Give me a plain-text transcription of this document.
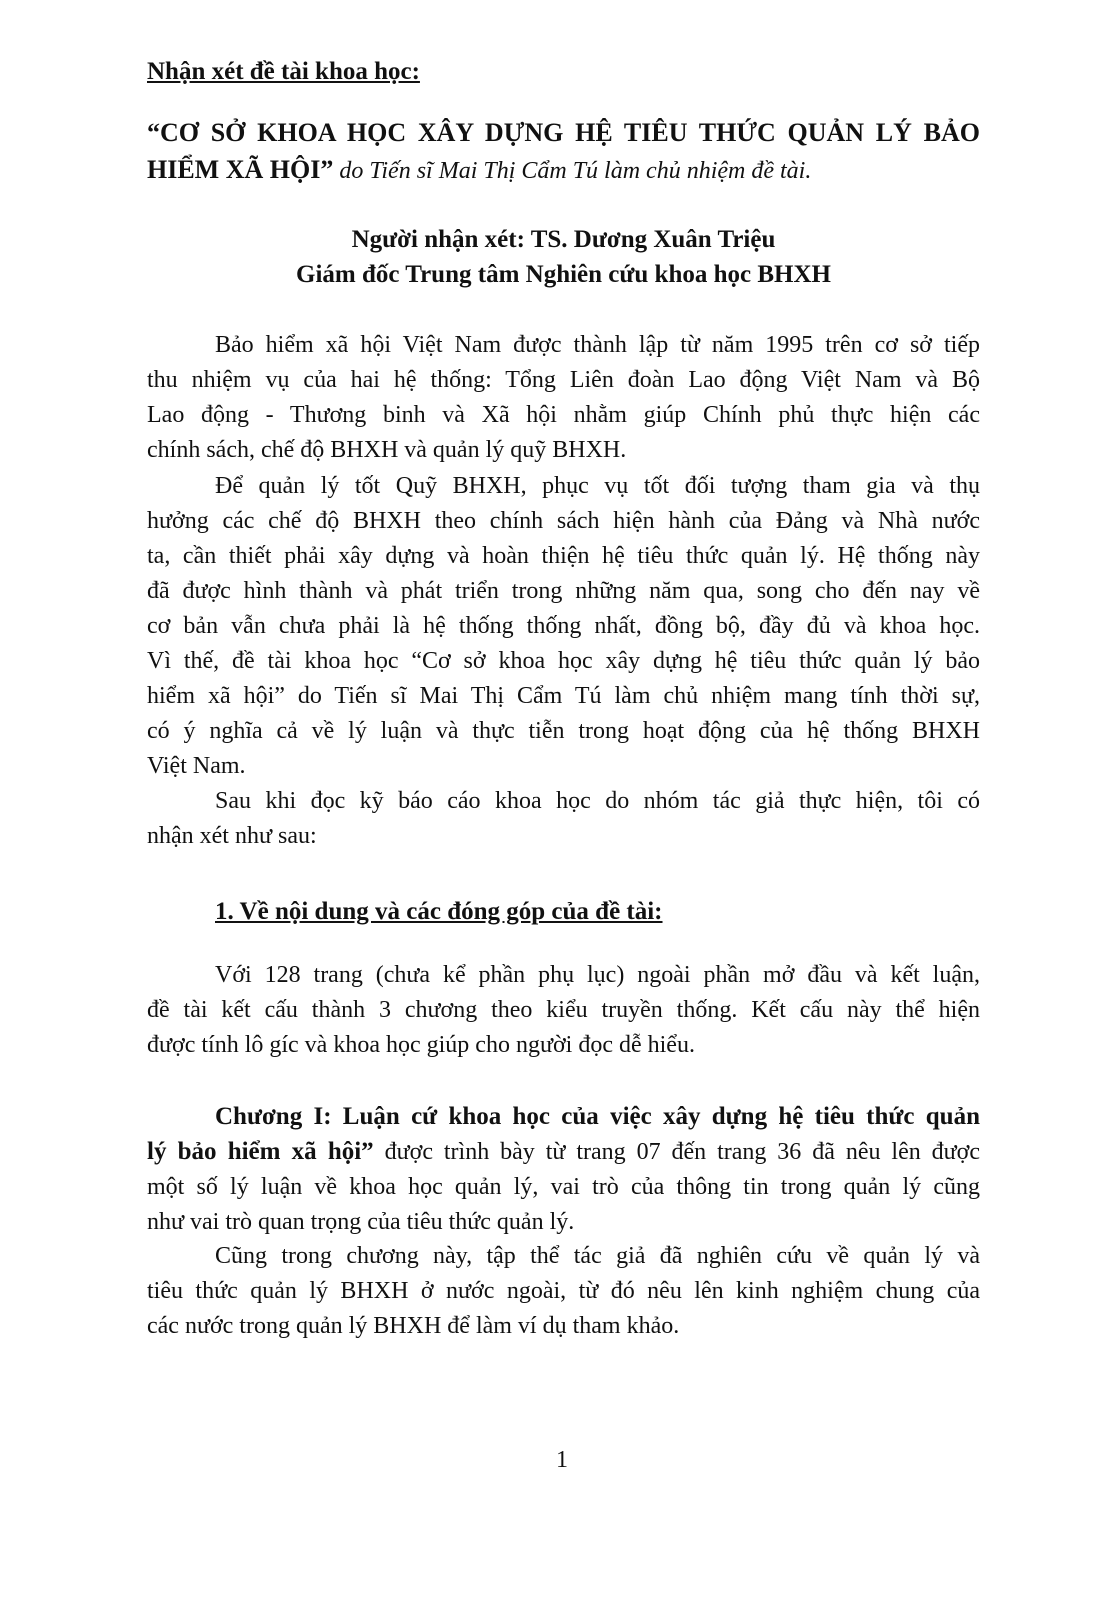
Nhận xét đề tài khoa học:
“CƠ SỞ KHOA HỌC XÂY DỰNG HỆ TIÊU THỨC QUẢN LÝ BẢO
HIỂM XÃ HỘI” do Tiến sĩ Mai Thị Cẩm Tú làm chủ nhiệm đề tài.
Người nhận xét: TS. Dương Xuân Triệu
Giám đốc Trung tâm Nghiên cứu khoa học BHXH
Bảo hiểm xã hội Việt Nam được thành lập từ năm 1995 trên cơ sở tiếp
thu nhiệm vụ của hai hệ thống: Tổng Liên đoàn Lao động Việt Nam và Bộ
Lao động - Thương binh và Xã hội nhằm giúp Chính phủ thực hiện các
chính sách, chế độ BHXH và quản lý quỹ BHXH.
Để quản lý tốt Quỹ BHXH, phục vụ tốt đối tượng tham gia và thụ
hưởng các chế độ BHXH theo chính sách hiện hành của Đảng và Nhà nước
ta, cần thiết phải xây dựng và hoàn thiện hệ tiêu thức quản lý. Hệ thống này
đã được hình thành và phát triển trong những năm qua, song cho đến nay về
cơ bản vẫn chưa phải là hệ thống thống nhất, đồng bộ, đầy đủ và khoa học.
Vì thế, đề tài khoa học “Cơ sở khoa học xây dựng hệ tiêu thức quản lý bảo
hiểm xã hội” do Tiến sĩ Mai Thị Cẩm Tú làm chủ nhiệm mang tính thời sự,
có ý nghĩa cả về lý luận và thực tiễn trong hoạt động của hệ thống BHXH
Việt Nam.
Sau khi đọc kỹ báo cáo khoa học do nhóm tác giả thực hiện, tôi có
nhận xét như sau:
Với 128 trang (chưa kể phần phụ lục) ngoài phần mở đầu và kết luận,
đề tài kết cấu thành 3 chương theo kiểu truyền thống. Kết cấu này thể hiện
được tính lô gíc và khoa học giúp cho người đọc dễ hiểu.
một số lý luận về khoa học quản lý, vai trò của thông tin trong quản lý cũng
như vai trò quan trọng của tiêu thức quản lý.
Cũng trong chương này, tập thể tác giả đã nghiên cứu về quản lý và
tiêu thức quản lý BHXH ở nước ngoài, từ đó nêu lên kinh nghiệm chung của
các nước trong quản lý BHXH để làm ví dụ tham khảo.
1. Về nội dung và các đóng góp của đề tài:
Chương I: Luận cứ khoa học của việc xây dựng hệ tiêu thức quản
lý bảo hiểm xã hội” được trình bày từ trang 07 đến trang 36 đã nêu lên được
1
